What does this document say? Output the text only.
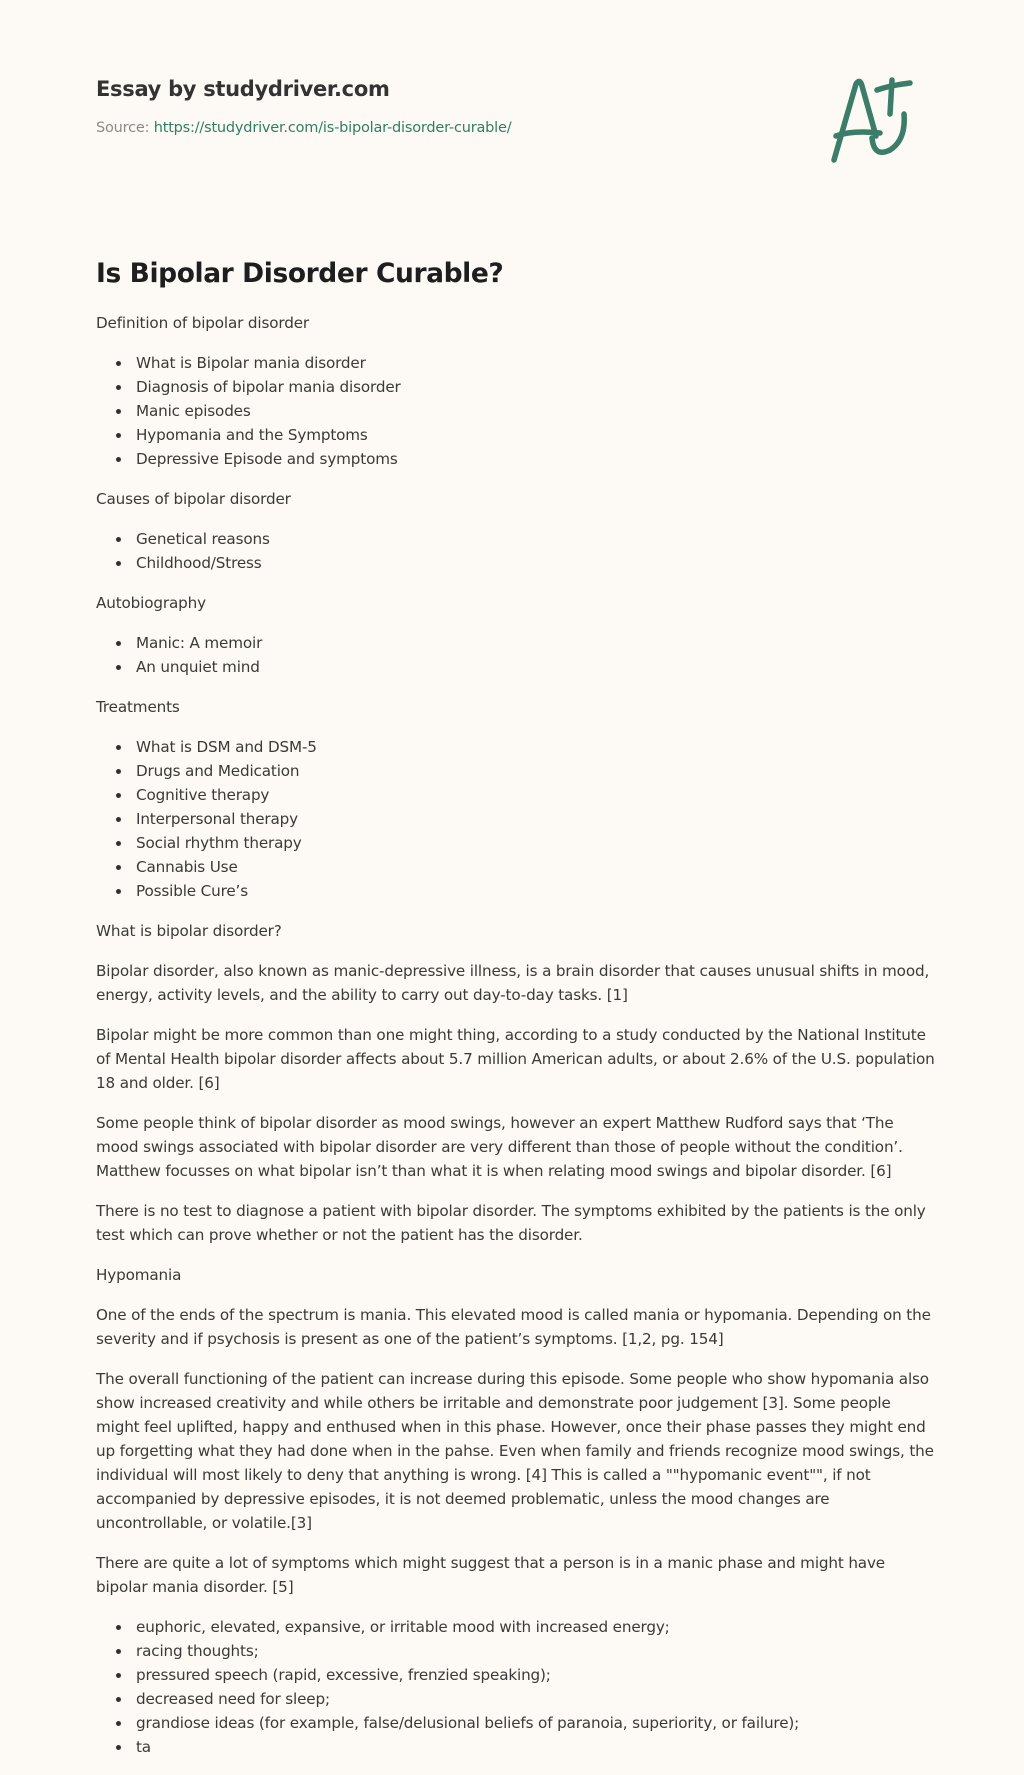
Essay by studydriver.com
Source: https://studydriver.com/is-bipolar-disorder-curable/
Is Bipolar Disorder Curable?

Definition of bipolar disorder

What is Bipolar mania disorder
Diagnosis of bipolar mania disorder
Manic episodes
Hypomania and the Symptoms
Depressive Episode and symptoms

Causes of bipolar disorder

Genetical reasons
Childhood/Stress

Autobiography

Manic: A memoir
An unquiet mind

Treatments

What is DSM and DSM-5
Drugs and Medication
Cognitive therapy
Interpersonal therapy
Social rhythm therapy
Cannabis Use
Possible Cure’s

What is bipolar disorder?

Bipolar disorder, also known as manic-depressive illness, is a brain disorder that causes unusual shifts in mood, energy, activity levels, and the ability to carry out day-to-day tasks. [1]

Bipolar might be more common than one might thing, according to a study conducted by the National Institute of Mental Health bipolar disorder affects about 5.7 million American adults, or about 2.6% of the U.S. population 18 and older. [6]

Some people think of bipolar disorder as mood swings, however an expert Matthew Rudford says that ‘The mood swings associated with bipolar disorder are very different than those of people without the condition’. Matthew focusses on what bipolar isn’t than what it is when relating mood swings and bipolar disorder. [6]

There is no test to diagnose a patient with bipolar disorder. The symptoms exhibited by the patients is the only test which can prove whether or not the patient has the disorder.

Hypomania

One of the ends of the spectrum is mania. This elevated mood is called mania or hypomania. Depending on the severity and if psychosis is present as one of the patient’s symptoms. [1,2, pg. 154]

The overall functioning of the patient can increase during this episode. Some people who show hypomania also show increased creativity and while others be irritable and demonstrate poor judgement [3]. Some people might feel uplifted, happy and enthused when in this phase. However, once their phase passes they might end up forgetting what they had done when in the pahse. Even when family and friends recognize mood swings, the individual will most likely to deny that anything is wrong. [4] This is called a ""hypomanic event"", if not accompanied by depressive episodes, it is not deemed problematic, unless the mood changes are uncontrollable, or volatile.[3]

There are quite a lot of symptoms which might suggest that a person is in a manic phase and might have bipolar mania disorder. [5]

euphoric, elevated, expansive, or irritable mood with increased energy;
racing thoughts;
pressured speech (rapid, excessive, frenzied speaking);
decreased need for sleep;
grandiose ideas (for example, false/delusional beliefs of paranoia, superiority, or failure);
ta
